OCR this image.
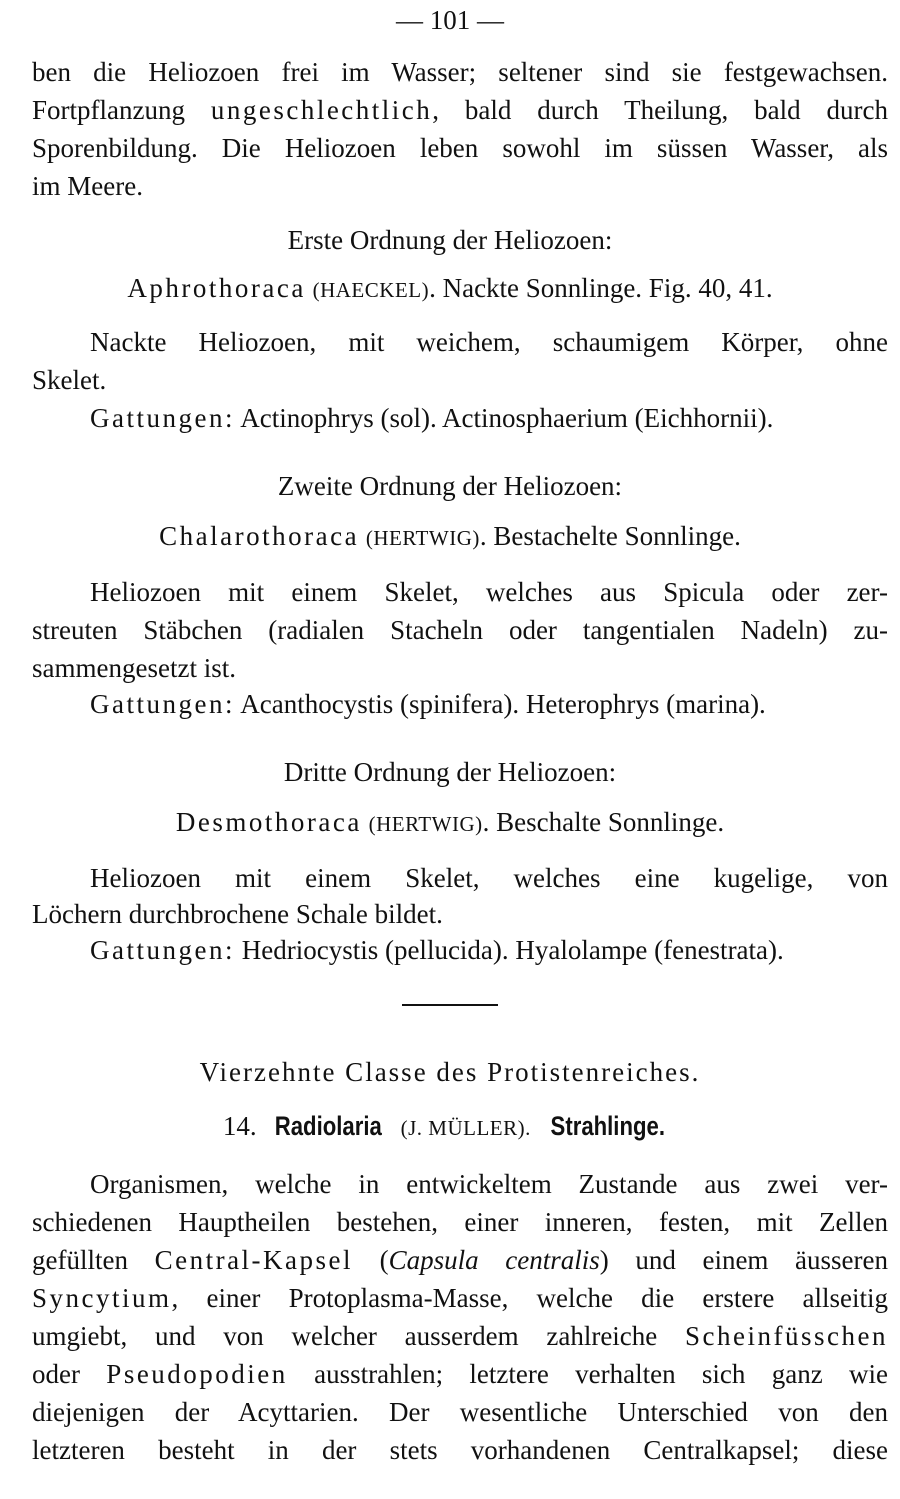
— 101 —
ben die Heliozoen frei im Wasser; seltener sind sie festgewachsen.
Fortpflanzung ungeschlechtlich, bald durch Theilung, bald durch
Sporenbildung. Die Heliozoen leben sowohl im süssen Wasser, als
im Meere.
Erste Ordnung der Heliozoen:
Aphrothoraca (HAECKEL). Nackte Sonnlinge. Fig. 40, 41.
Nackte Heliozoen, mit weichem, schaumigem Körper, ohne
Skelet.
Gattungen: Actinophrys (sol). Actinosphaerium (Eichhornii).
Zweite Ordnung der Heliozoen:
Chalarothoraca (HERTWIG). Bestachelte Sonnlinge.
Heliozoen mit einem Skelet, welches aus Spicula oder zer-
streuten Stäbchen (radialen Stacheln oder tangentialen Nadeln) zu-
sammengesetzt ist.
Gattungen: Acanthocystis (spinifera). Heterophrys (marina).
Dritte Ordnung der Heliozoen:
Desmothoraca (HERTWIG). Beschalte Sonnlinge.
Heliozoen mit einem Skelet, welches eine kugelige, von
Löchern durchbrochene Schale bildet.
Gattungen: Hedriocystis (pellucida). Hyalolampe (fenestrata).
Vierzehnte Classe des Protistenreiches.
14. Radiolaria (J. MÜLLER). Strahlinge.
Organismen, welche in entwickeltem Zustande aus zwei ver-
schiedenen Hauptheilen bestehen, einer inneren, festen, mit Zellen
gefüllten Central-Kapsel (Capsula centralis) und einem äusseren
Syncytium, einer Protoplasma-Masse, welche die erstere allseitig
umgiebt, und von welcher ausserdem zahlreiche Scheinfüsschen
oder Pseudopodien ausstrahlen; letztere verhalten sich ganz wie
diejenigen der Acyttarien. Der wesentliche Unterschied von den
letzteren besteht in der stets vorhandenen Centralkapsel; diese
